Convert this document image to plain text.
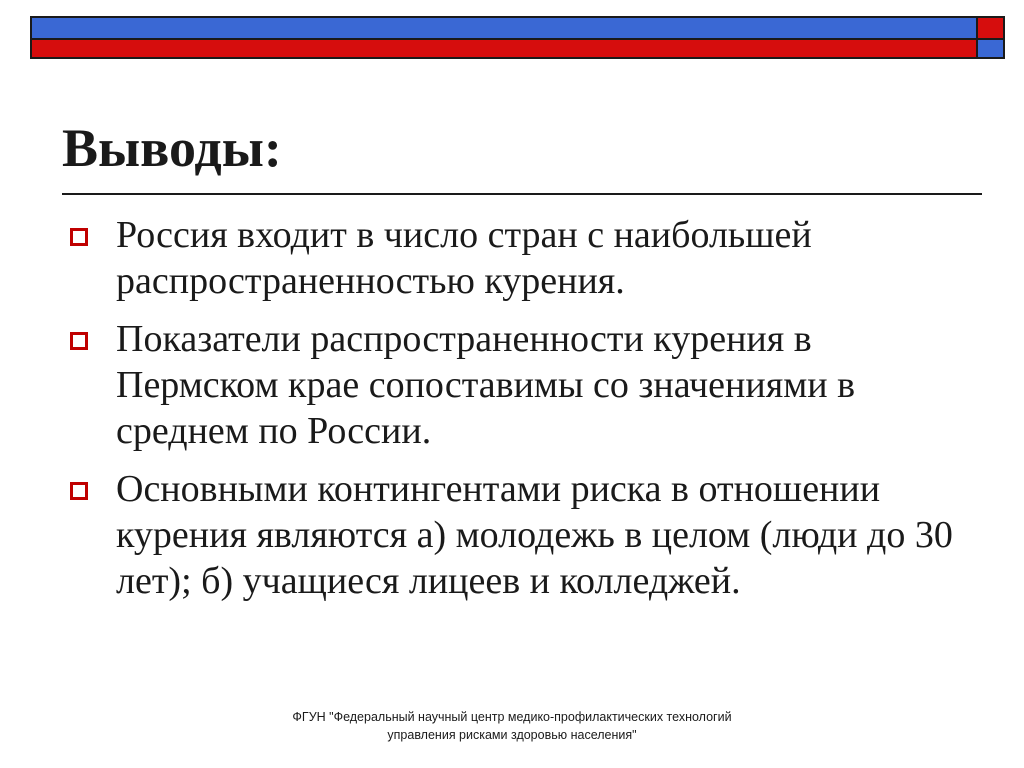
Выводы:
Россия входит в число стран с наибольшей распространенностью курения.
Показатели распространенности курения в Пермском крае сопоставимы со значениями в среднем по России.
Основными контингентами риска в отношении курения являются а) молодежь в целом (люди до 30 лет); б) учащиеся лицеев и колледжей.
ФГУН "Федеральный научный центр медико-профилактических технологий
управления рисками здоровью населения"
